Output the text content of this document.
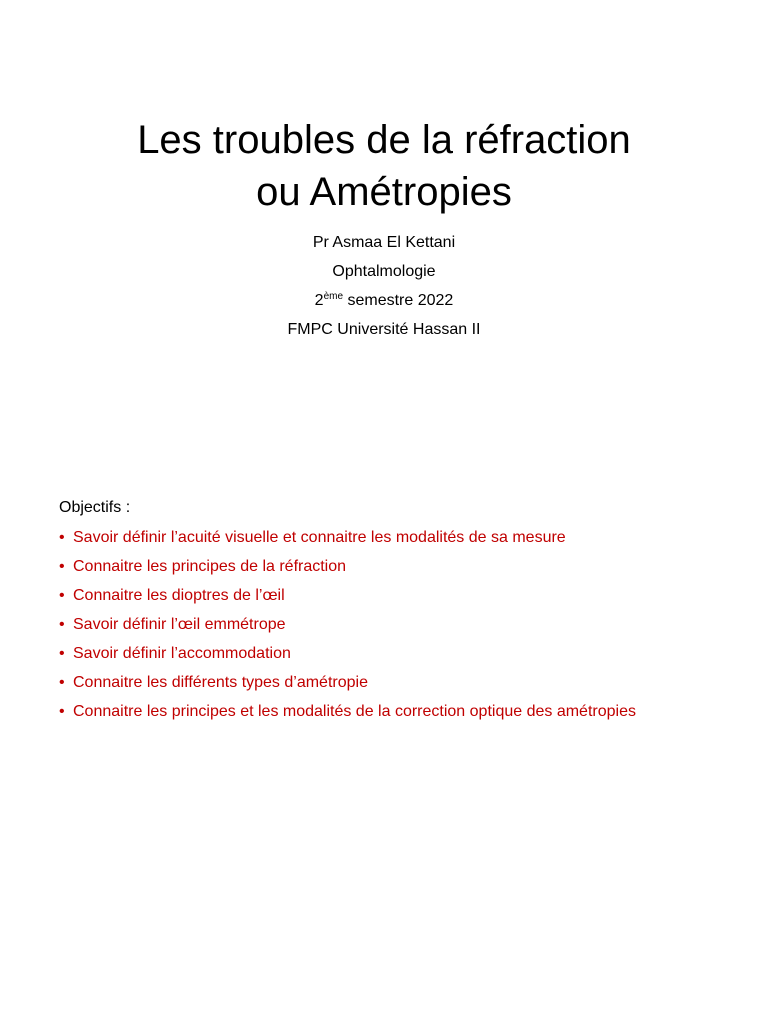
Les troubles de la réfraction
ou Amétropies
Pr Asmaa El Kettani
Ophtalmologie
2ème semestre 2022
FMPC Université Hassan II
Objectifs :
• Savoir définir l’acuité visuelle et connaitre les modalités de sa mesure
• Connaitre les principes de la réfraction
• Connaitre les dioptres de l’œil
• Savoir définir l’œil emmétrope
• Savoir définir l’accommodation
• Connaitre les différents types d’amétropie
• Connaitre les principes et les modalités de la correction optique des amétropies
